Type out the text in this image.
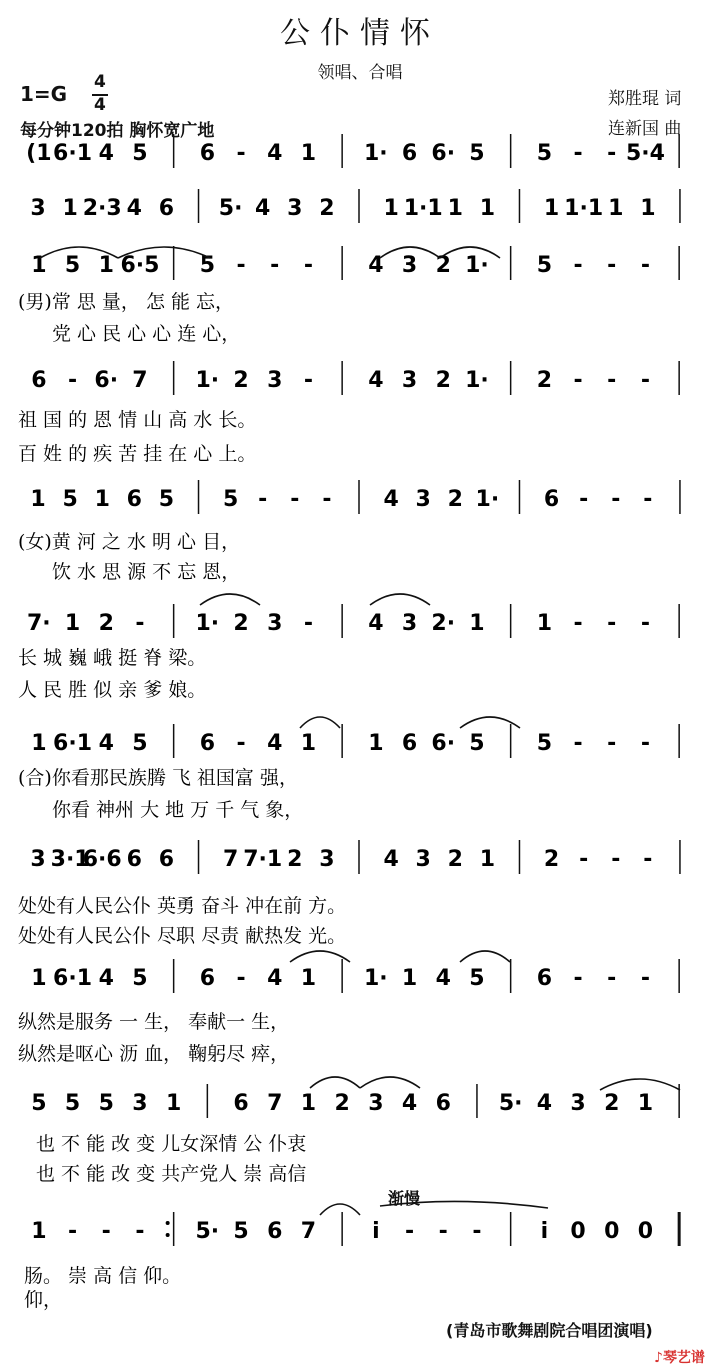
公仆情怀
领唱、合唱
1=G 4
4
每分钟120拍 胸怀宽广地
郑胜琨 词
连新国 曲
(1 6·1 4 5 6 - 4 1 1· 6 6· 5 5 - - 5·4
3 1 2·3 4 6 5· 4 3 2 1 1·1 1 1 1 1·1 1 1
1 5 1 6·5 5 - - -	4 3 2 1· 5 - - -
(男)常 思 量， 怎 能 忘，
党 心 民 心 心 连 心，
6 - 6· 7 1· 2 3 -	4 3 2 1· 2 - - -
祖 国 的 恩 情 山 高 水 长。
百 姓 的 疾 苦 挂 在 心 上。
1 5 1 6 5 5 - - - 4 3 2 1· 6 - - -
(女)黄 河 之 水 明 心 目，
饮 水 思 源 不 忘 恩，
7· 1 2 - 1· 2 3 -	4 3 2· 1 1 - - -
长 城 巍 峨 挺 脊 梁。
人 民 胜 似 亲 爹 娘。
1 6·1 4 5 6 - 4 1 1 6 6· 5 5 - - -
(合)你看那民族腾 飞 祖国富 强，
你看 神州 大 地 万 千 气 象，
3 3·1
6·6 6 6 7 7·1 2 3 4 3 2 1 2 - - -
处处有人民公仆 英勇 奋斗 冲在前 方。
处处有人民公仆 尽职 尽责 献热发 光。
1 6·1 4 5 6 - 4 1 1· 1 4 5 6 - - -
纵然是服务 一 生， 奉献一 生，
纵然是呕心 沥 血， 鞠躬尽 瘁，
5 5 5 3 1 6 7 1 2 3 4 6 5· 4 3 2 1
也 不 能 改 变 儿女深情 公 仆衷
也 不 能 改 变 共产党人 崇 高信
1 - - - 5· 5 6 7	i - - -	i 0 0 0
肠。 崇 高 信 仰。
仰，
渐慢
(青岛市歌舞剧院合唱团演唱)
♪琴艺谱
